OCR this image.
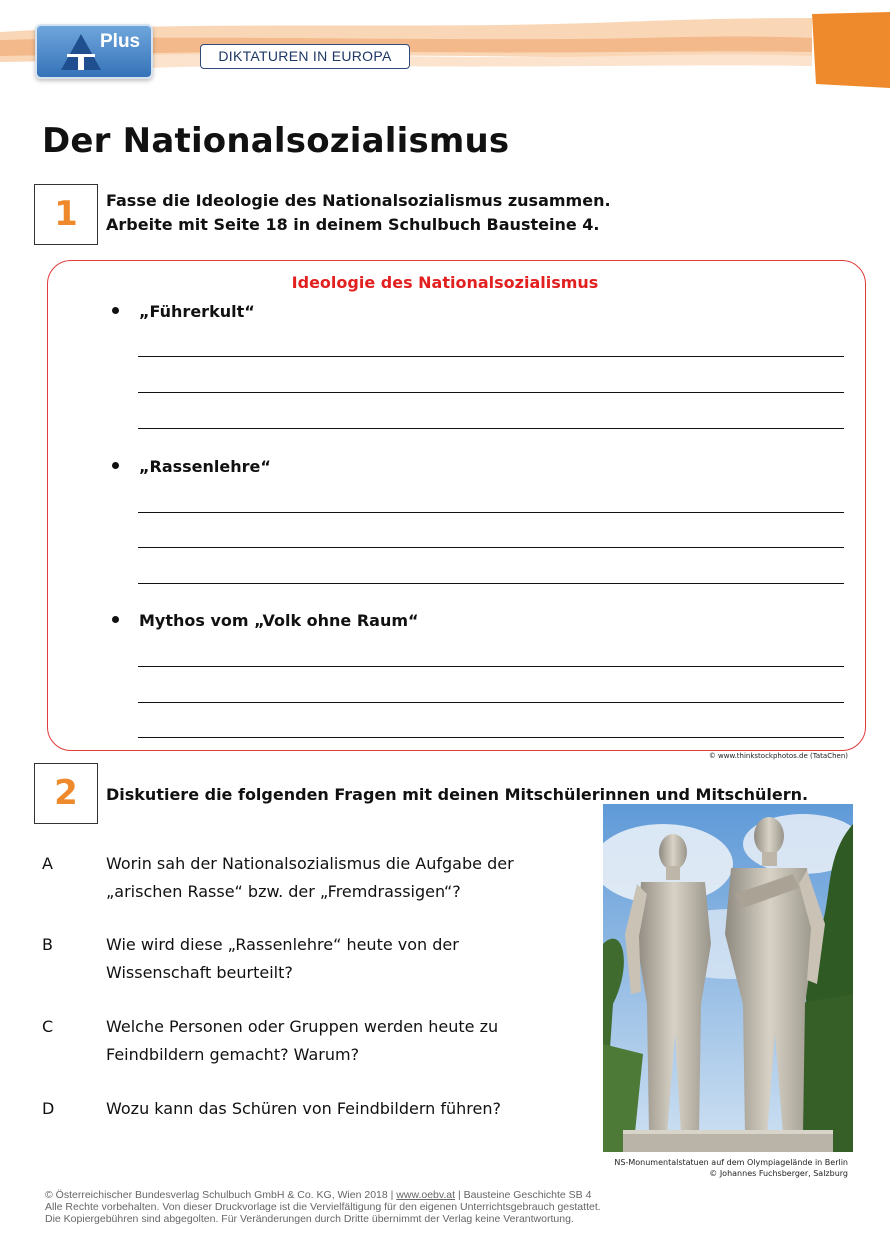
Plus
DIKTATUREN IN EUROPA
Der Nationalsozialismus
1	Fasse die Ideologie des Nationalsozialismus zusammen.
Arbeite mit Seite 18 in deinem Schulbuch Bausteine 4.
Ideologie des Nationalsozialismus
„Führerkult“
„Rassenlehre“
Mythos vom „Volk ohne Raum“
© www.thinkstockphotos.de (TataChen)
2	Diskutiere die folgenden Fragen mit deinen Mitschülerinnen und Mitschülern.
A	Worin sah der Nationalsozialismus die Aufgabe der
„arischen Rasse“ bzw. der „Fremdrassigen“?
B	Wie wird diese „Rassenlehre“ heute von der
Wissenschaft beurteilt?
C	Welche Personen oder Gruppen werden heute zu
Feindbildern gemacht? Warum?
D	Wozu kann das Schüren von Feindbildern führen?
NS-Monumentalstatuen auf dem Olympiagelände in Berlin
© Johannes Fuchsberger, Salzburg
© Österreichischer Bundesverlag Schulbuch GmbH & Co. KG, Wien 2018 | www.oebv.at | Bausteine Geschichte SB 4
Alle Rechte vorbehalten. Von dieser Druckvorlage ist die Vervielfältigung für den eigenen Unterrichtsgebrauch gestattet.
Die Kopiergebühren sind abgegolten. Für Veränderungen durch Dritte übernimmt der Verlag keine Verantwortung.
